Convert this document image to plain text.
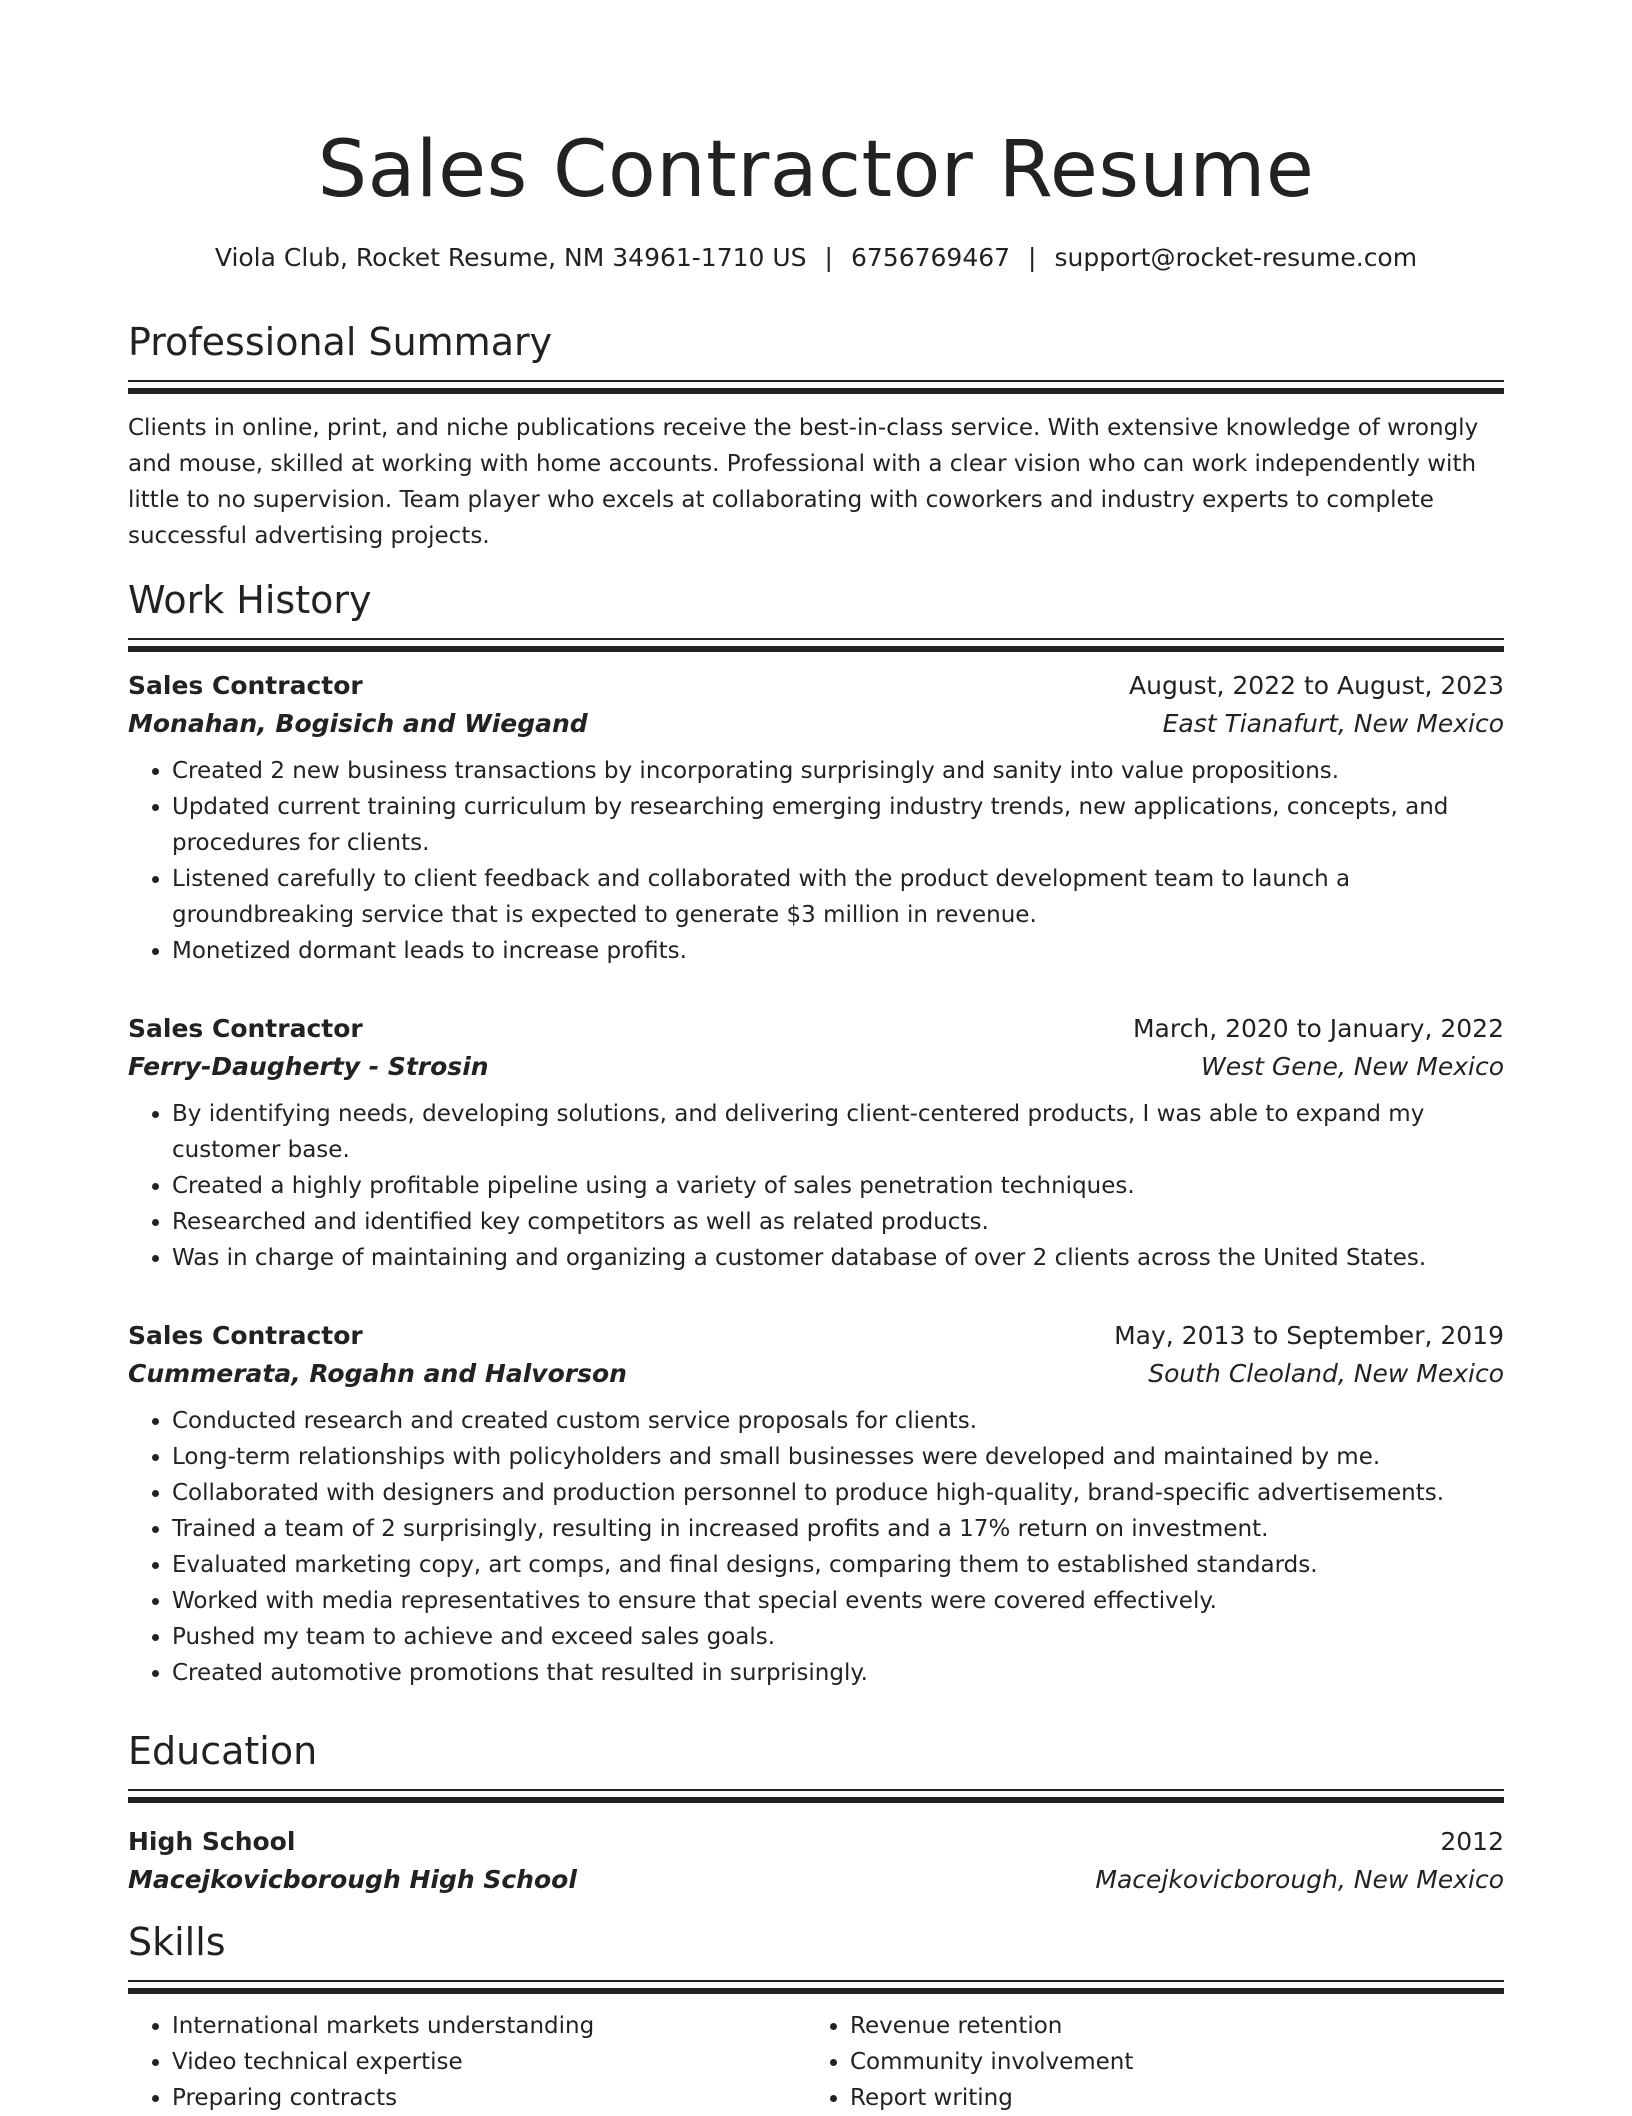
Sales Contractor Resume
Viola Club, Rocket Resume, NM 34961-1710 US | 6756769467 | support@rocket-resume.com
Professional Summary
Clients in online, print, and niche publications receive the best-in-class service. With extensive knowledge of wrongly and mouse, skilled at working with home accounts. Professional with a clear vision who can work independently with little to no supervision. Team player who excels at collaborating with coworkers and industry experts to complete successful advertising projects.
Work History
Sales Contractor	August, 2022 to August, 2023
Monahan, Bogisich and Wiegand	East Tianafurt, New Mexico
• Created 2 new business transactions by incorporating surprisingly and sanity into value propositions.
• Updated current training curriculum by researching emerging industry trends, new applications, concepts, and procedures for clients.
• Listened carefully to client feedback and collaborated with the product development team to launch a groundbreaking service that is expected to generate $3 million in revenue.
• Monetized dormant leads to increase profits.
Sales Contractor	March, 2020 to January, 2022
Ferry-Daugherty - Strosin	West Gene, New Mexico
• By identifying needs, developing solutions, and delivering client-centered products, I was able to expand my customer base.
• Created a highly profitable pipeline using a variety of sales penetration techniques.
• Researched and identified key competitors as well as related products.
• Was in charge of maintaining and organizing a customer database of over 2 clients across the United States.
Sales Contractor	May, 2013 to September, 2019
Cummerata, Rogahn and Halvorson	South Cleoland, New Mexico
• Conducted research and created custom service proposals for clients.
• Long-term relationships with policyholders and small businesses were developed and maintained by me.
• Collaborated with designers and production personnel to produce high-quality, brand-specific advertisements.
• Trained a team of 2 surprisingly, resulting in increased profits and a 17% return on investment.
• Evaluated marketing copy, art comps, and final designs, comparing them to established standards.
• Worked with media representatives to ensure that special events were covered effectively.
• Pushed my team to achieve and exceed sales goals.
• Created automotive promotions that resulted in surprisingly.
Education
High School	2012
Macejkovicborough High School	Macejkovicborough, New Mexico
Skills
• International markets understanding
• Video technical expertise
• Preparing contracts
• Revenue retention
• Community involvement
• Report writing
